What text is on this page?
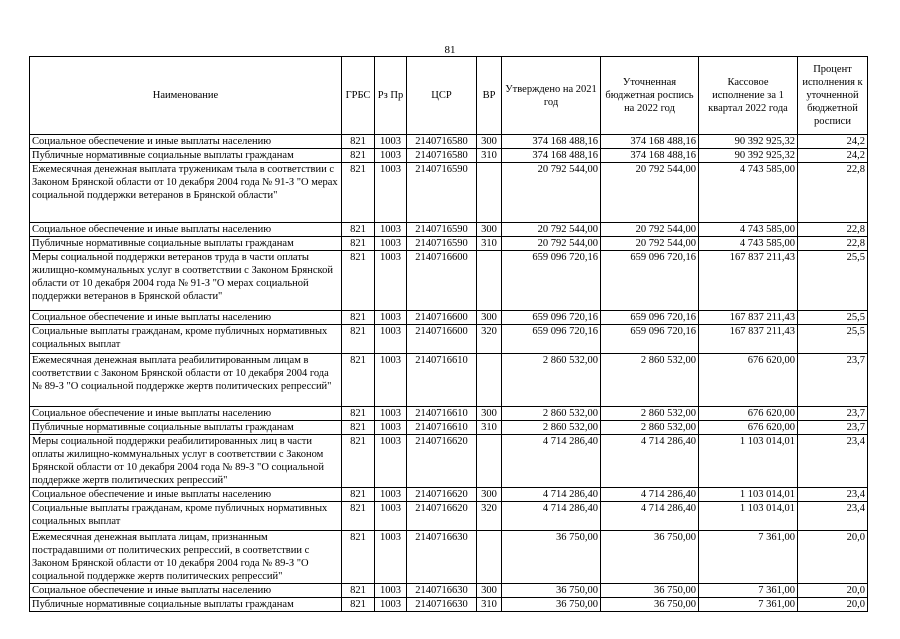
81
Наименование	ГРБС	Рз Пр	ЦСР	ВР	Утверждено на 2021 год	Уточненная бюджетная роспись на 2022 год	Кассовое исполнение за 1 квартал 2022 года	Процент исполнения к уточненной бюджетной росписи
Социальное обеспечение и иные выплаты населению	821	1003	2140716580	300	374 168 488,16	374 168 488,16	90 392 925,32	24,2
Публичные нормативные социальные выплаты гражданам	821	1003	2140716580	310	374 168 488,16	374 168 488,16	90 392 925,32	24,2
Ежемесячная денежная выплата труженикам тыла в соответствии с Законом Брянской области от 10 декабря 2004 года № 91-З "О мерах социальной поддержки ветеранов в Брянской области"	821	1003	2140716590		20 792 544,00	20 792 544,00	4 743 585,00	22,8
Социальное обеспечение и иные выплаты населению	821	1003	2140716590	300	20 792 544,00	20 792 544,00	4 743 585,00	22,8
Публичные нормативные социальные выплаты гражданам	821	1003	2140716590	310	20 792 544,00	20 792 544,00	4 743 585,00	22,8
Меры социальной поддержки ветеранов труда в части оплаты жилищно-коммунальных услуг в соответствии с Законом Брянской области от 10 декабря 2004 года № 91-З "О мерах социальной поддержки ветеранов в Брянской области"	821	1003	2140716600		659 096 720,16	659 096 720,16	167 837 211,43	25,5
Социальное обеспечение и иные выплаты населению	821	1003	2140716600	300	659 096 720,16	659 096 720,16	167 837 211,43	25,5
Социальные выплаты гражданам, кроме публичных нормативных социальных выплат	821	1003	2140716600	320	659 096 720,16	659 096 720,16	167 837 211,43	25,5
Ежемесячная денежная выплата реабилитированным лицам в соответствии с Законом Брянской области от 10 декабря 2004 года № 89-З "О социальной поддержке жертв политических репрессий"	821	1003	2140716610		2 860 532,00	2 860 532,00	676 620,00	23,7
Социальное обеспечение и иные выплаты населению	821	1003	2140716610	300	2 860 532,00	2 860 532,00	676 620,00	23,7
Публичные нормативные социальные выплаты гражданам	821	1003	2140716610	310	2 860 532,00	2 860 532,00	676 620,00	23,7
Меры социальной поддержки реабилитированных лиц в части оплаты жилищно-коммунальных услуг в соответствии с Законом Брянской области от 10 декабря 2004 года № 89-З "О социальной поддержке жертв политических репрессий"	821	1003	2140716620		4 714 286,40	4 714 286,40	1 103 014,01	23,4
Социальное обеспечение и иные выплаты населению	821	1003	2140716620	300	4 714 286,40	4 714 286,40	1 103 014,01	23,4
Социальные выплаты гражданам, кроме публичных нормативных социальных выплат	821	1003	2140716620	320	4 714 286,40	4 714 286,40	1 103 014,01	23,4
Ежемесячная денежная выплата лицам, признанным пострадавшими от политических репрессий, в соответствии с Законом Брянской области от 10 декабря 2004 года № 89-З "О социальной поддержке жертв политических репрессий"	821	1003	2140716630		36 750,00	36 750,00	7 361,00	20,0
Социальное обеспечение и иные выплаты населению	821	1003	2140716630	300	36 750,00	36 750,00	7 361,00	20,0
Публичные нормативные социальные выплаты гражданам	821	1003	2140716630	310	36 750,00	36 750,00	7 361,00	20,0
